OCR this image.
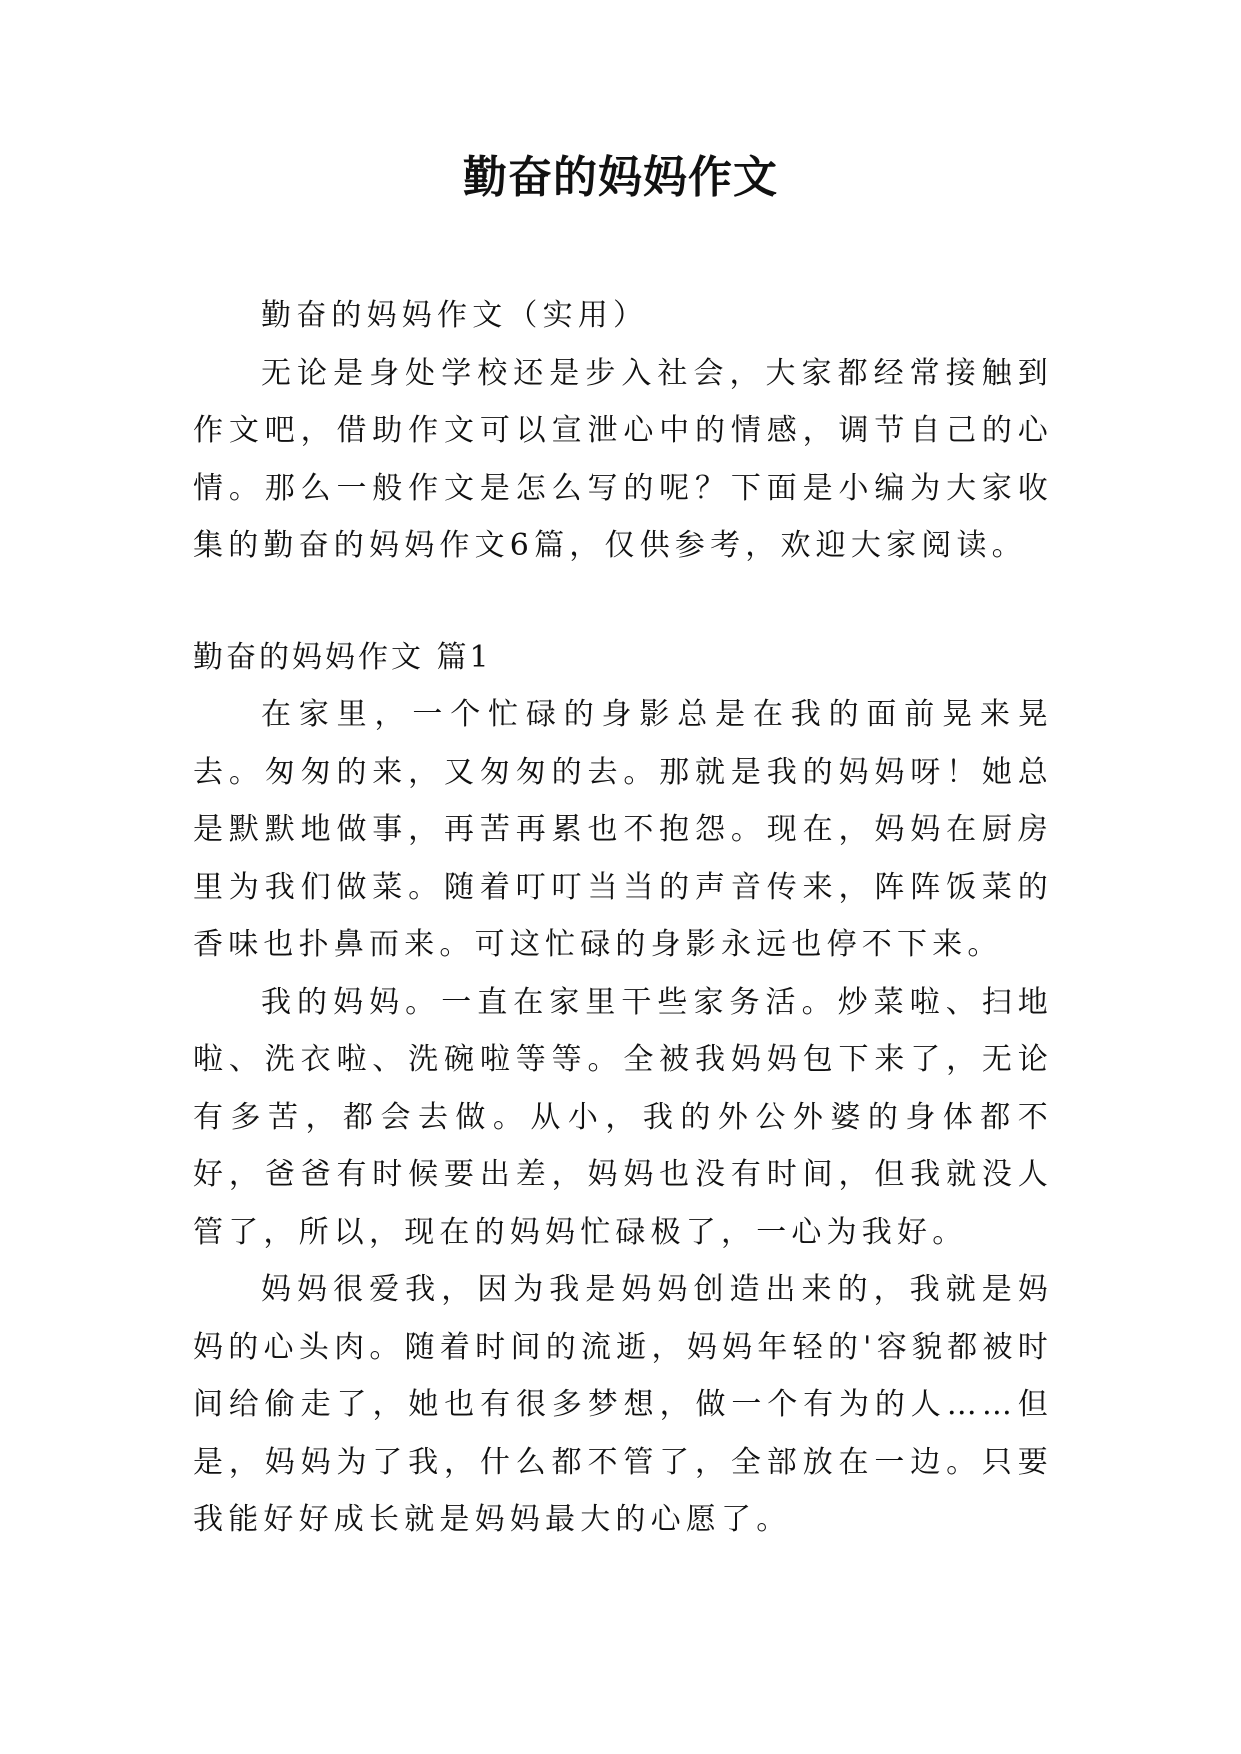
勤奋的妈妈作文

勤奋的妈妈作文（实用）

无论是身处学校还是步入社会，大家都经常接触到作文吧，借助作文可以宣泄心中的情感，调节自己的心情。那么一般作文是怎么写的呢？下面是小编为大家收集的勤奋的妈妈作文6篇，仅供参考，欢迎大家阅读。

勤奋的妈妈作文 篇1

在家里，一个忙碌的身影总是在我的面前晃来晃去。匆匆的来，又匆匆的去。那就是我的妈妈呀！她总是默默地做事，再苦再累也不抱怨。现在，妈妈在厨房里为我们做菜。随着叮叮当当的声音传来，阵阵饭菜的香味也扑鼻而来。可这忙碌的身影永远也停不下来。

我的妈妈。一直在家里干些家务活。炒菜啦、扫地啦、洗衣啦、洗碗啦等等。全被我妈妈包下来了，无论有多苦，都会去做。从小，我的外公外婆的身体都不好，爸爸有时候要出差，妈妈也没有时间，但我就没人管了，所以，现在的妈妈忙碌极了，一心为我好。

妈妈很爱我，因为我是妈妈创造出来的，我就是妈妈的心头肉。随着时间的流逝，妈妈年轻的'容貌都被时间给偷走了，她也有很多梦想，做一个有为的人……但是，妈妈为了我，什么都不管了，全部放在一边。只要我能好好成长就是妈妈最大的心愿了。
